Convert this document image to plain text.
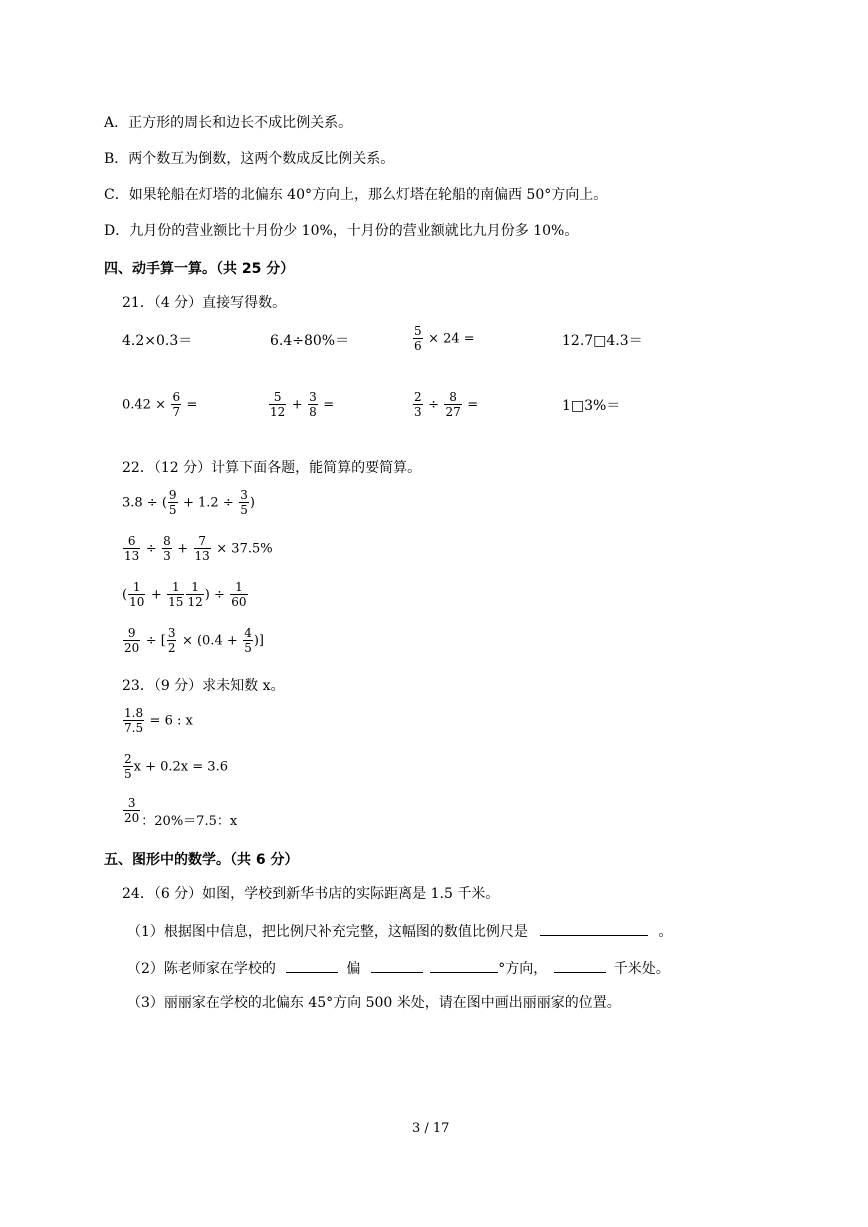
A．正方形的周长和边长不成比例关系。
B．两个数互为倒数，这两个数成反比例关系。
C．如果轮船在灯塔的北偏东 40°方向上，那么灯塔在轮船的南偏西 50°方向上。
D．九月份的营业额比十月份少 10%，十月份的营业额就比九月份多 10%。
四、动手算一算。（共 25 分）
21．（4 分）直接写得数。
4.2×0.3＝	6.4÷80%＝	$\frac{5}{6} \times 24$ =	12.7□4.3＝
$0.42 \times \frac{6}{7}$ =	$\frac{5}{12} + \frac{3}{8}$ =	$\frac{2}{3} \div \frac{8}{27}$ =	1□3%＝
22．（12 分）计算下面各题，能简算的要简算。
3.8 ÷ ( $\frac{9}{5} + 1.2 \div \frac{3}{5}$ )
$\frac{6}{13} \div \frac{8}{3} + \frac{7}{13} \times 37.5\%$
( $\frac{1}{10} + \frac{1}{15} \frac{1}{12}$ ) ÷ $\frac{1}{60}$
$\frac{9}{20}$ ÷ [ $\frac{3}{2} \times (0.4 + \frac{4}{5}$ )]
23．（9 分）求未知数 x。
$\frac{1.8}{7.5} = 6$ : x
$\frac{2}{5}$ x + 0.2x = 3.6
$\frac{3}{20}$ ：20%＝7.5：x
五、图形中的数学。（共 6 分）
24．（6 分）如图，学校到新华书店的实际距离是 1.5 千米。
（1）根据图中信息，把比例尺补充完整，这幅图的数值比例尺是	。
（2）陈老师家在学校的	偏	°方向，	千米处。
（3）丽丽家在学校的北偏东 45°方向 500 米处，请在图中画出丽丽家的位置。
3 / 17
